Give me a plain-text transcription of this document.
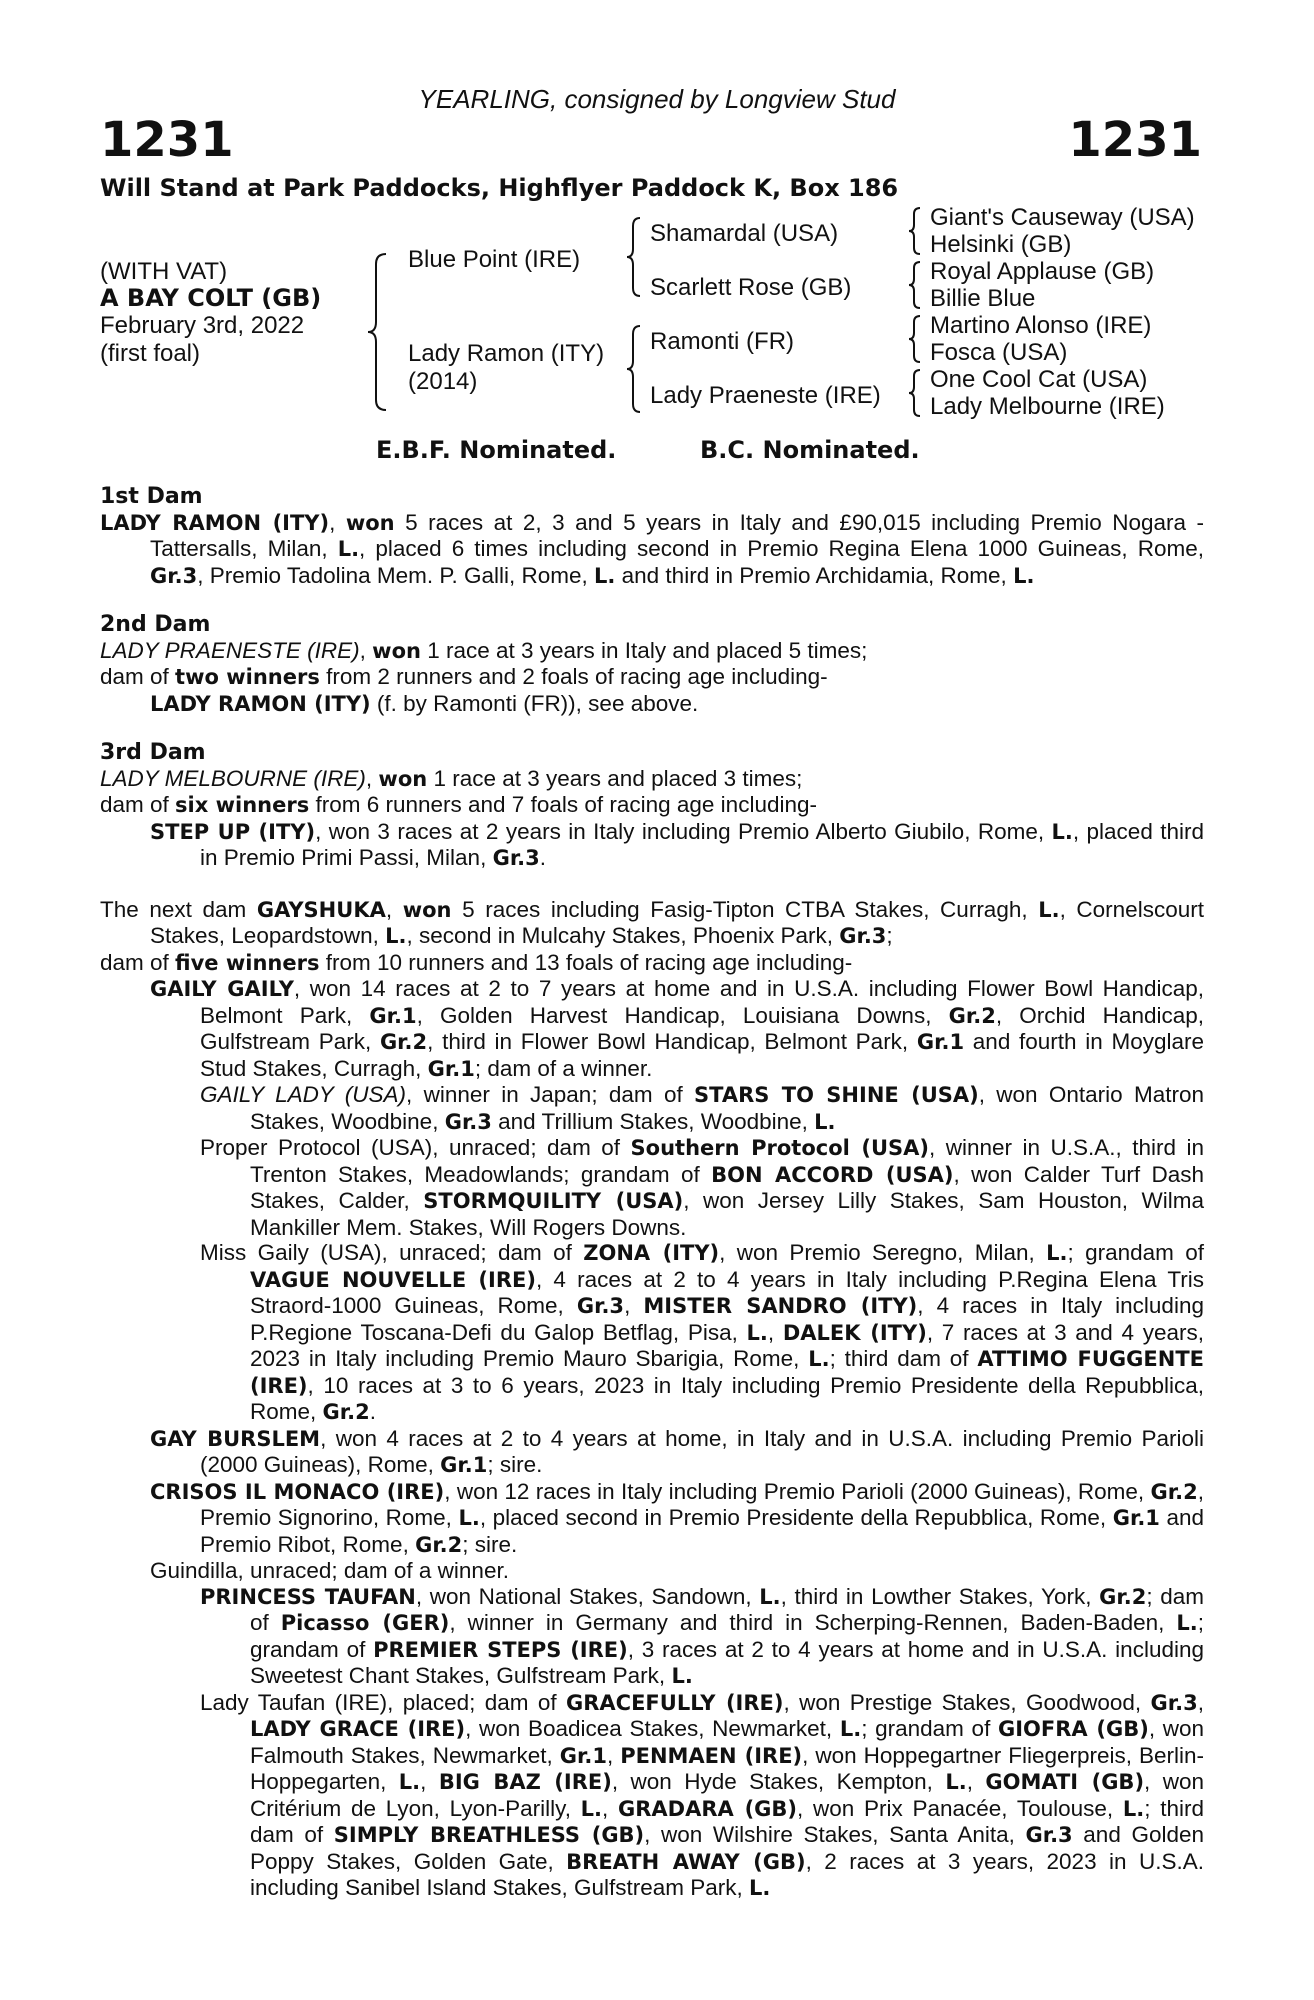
YEARLING, consigned by Longview Stud
1231	1231
Will Stand at Park Paddocks, Highflyer Paddock K, Box 186
(WITH VAT)
A BAY COLT (GB)
February 3rd, 2022
(first foal)
Blue Point (IRE)
Lady Ramon (ITY)
(2014)
Shamardal (USA)
Scarlett Rose (GB)
Ramonti (FR)
Lady Praeneste (IRE)
Giant's Causeway (USA)
Helsinki (GB)
Royal Applause (GB)
Billie Blue
Martino Alonso (IRE)
Fosca (USA)
One Cool Cat (USA)
Lady Melbourne (IRE)
E.B.F. Nominated.	B.C. Nominated.
1st Dam
LADY RAMON (ITY), won 5 races at 2, 3 and 5 years in Italy and £90,015 including Premio Nogara - Tattersalls, Milan, L., placed 6 times including second in Premio Regina Elena 1000 Guineas, Rome, Gr.3, Premio Tadolina Mem. P. Galli, Rome, L. and third in Premio Archidamia, Rome, L.
2nd Dam
LADY PRAENESTE (IRE), won 1 race at 3 years in Italy and placed 5 times;
dam of two winners from 2 runners and 2 foals of racing age including-
LADY RAMON (ITY) (f. by Ramonti (FR)), see above.
3rd Dam
LADY MELBOURNE (IRE), won 1 race at 3 years and placed 3 times;
dam of six winners from 6 runners and 7 foals of racing age including-
STEP UP (ITY), won 3 races at 2 years in Italy including Premio Alberto Giubilo, Rome, L., placed third in Premio Primi Passi, Milan, Gr.3.
The next dam GAYSHUKA, won 5 races including Fasig-Tipton CTBA Stakes, Curragh, L., Cornelscourt Stakes, Leopardstown, L., second in Mulcahy Stakes, Phoenix Park, Gr.3;
dam of five winners from 10 runners and 13 foals of racing age including-
GAILY GAILY, won 14 races at 2 to 7 years at home and in U.S.A. including Flower Bowl Handicap, Belmont Park, Gr.1, Golden Harvest Handicap, Louisiana Downs, Gr.2, Orchid Handicap, Gulfstream Park, Gr.2, third in Flower Bowl Handicap, Belmont Park, Gr.1 and fourth in Moyglare Stud Stakes, Curragh, Gr.1; dam of a winner.
GAILY LADY (USA), winner in Japan; dam of STARS TO SHINE (USA), won Ontario Matron Stakes, Woodbine, Gr.3 and Trillium Stakes, Woodbine, L.
Proper Protocol (USA), unraced; dam of Southern Protocol (USA), winner in U.S.A., third in Trenton Stakes, Meadowlands; grandam of BON ACCORD (USA), won Calder Turf Dash Stakes, Calder, STORMQUILITY (USA), won Jersey Lilly Stakes, Sam Houston, Wilma Mankiller Mem. Stakes, Will Rogers Downs.
Miss Gaily (USA), unraced; dam of ZONA (ITY), won Premio Seregno, Milan, L.; grandam of VAGUE NOUVELLE (IRE), 4 races at 2 to 4 years in Italy including P.Regina Elena Tris Straord-1000 Guineas, Rome, Gr.3, MISTER SANDRO (ITY), 4 races in Italy including P.Regione Toscana-Defi du Galop Betflag, Pisa, L., DALEK (ITY), 7 races at 3 and 4 years, 2023 in Italy including Premio Mauro Sbarigia, Rome, L.; third dam of ATTIMO FUGGENTE (IRE), 10 races at 3 to 6 years, 2023 in Italy including Premio Presidente della Repubblica, Rome, Gr.2.
GAY BURSLEM, won 4 races at 2 to 4 years at home, in Italy and in U.S.A. including Premio Parioli (2000 Guineas), Rome, Gr.1; sire.
CRISOS IL MONACO (IRE), won 12 races in Italy including Premio Parioli (2000 Guineas), Rome, Gr.2, Premio Signorino, Rome, L., placed second in Premio Presidente della Repubblica, Rome, Gr.1 and Premio Ribot, Rome, Gr.2; sire.
Guindilla, unraced; dam of a winner.
PRINCESS TAUFAN, won National Stakes, Sandown, L., third in Lowther Stakes, York, Gr.2; dam of Picasso (GER), winner in Germany and third in Scherping-Rennen, Baden-Baden, L.; grandam of PREMIER STEPS (IRE), 3 races at 2 to 4 years at home and in U.S.A. including Sweetest Chant Stakes, Gulfstream Park, L.
Lady Taufan (IRE), placed; dam of GRACEFULLY (IRE), won Prestige Stakes, Goodwood, Gr.3, LADY GRACE (IRE), won Boadicea Stakes, Newmarket, L.; grandam of GIOFRA (GB), won Falmouth Stakes, Newmarket, Gr.1, PENMAEN (IRE), won Hoppegartner Fliegerpreis, Berlin-Hoppegarten, L., BIG BAZ (IRE), won Hyde Stakes, Kempton, L., GOMATI (GB), won Critérium de Lyon, Lyon-Parilly, L., GRADARA (GB), won Prix Panacée, Toulouse, L.; third dam of SIMPLY BREATHLESS (GB), won Wilshire Stakes, Santa Anita, Gr.3 and Golden Poppy Stakes, Golden Gate, BREATH AWAY (GB), 2 races at 3 years, 2023 in U.S.A. including Sanibel Island Stakes, Gulfstream Park, L.
